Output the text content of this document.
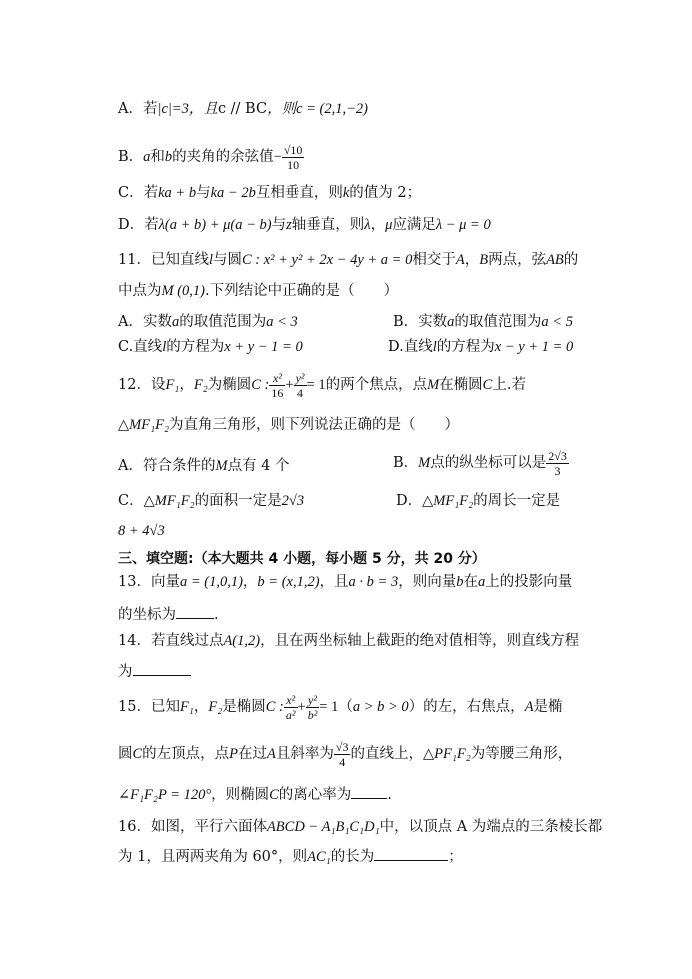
A．若|c|=3，且c // BC，则c = (2,1,−2)
B．a和b的夹角的余弦值− $\frac{√10}{10}$
C．若ka + b与ka − 2b互相垂直，则k的值为 2；
D．若λ(a + b) + μ(a − b)与z轴垂直，则λ，μ应满足λ − μ = 0
11．已知直线l与圆C : x² + y² + 2x − 4y + a = 0相交于A，B两点，弦AB的
中点为M (0,1).下列结论中正确的是（　　）
A．实数a的取值范围为a < 3	B．实数a的取值范围为a < 5
C.直线l的方程为x + y − 1 = 0	D.直线l的方程为x − y + 1 = 0
12．设F₁，F₂为椭圆C : $\frac{\text{x²}}{16} + \frac{\text{y²}}{4} = 1$的两个焦点，点M在椭圆C上.若
△MF₁F₂为直角三角形，则下列说法正确的是（　　）
A．符合条件的M点有 4 个	B．M点的纵坐标可以是 $\frac{2√3}{3}$
C．△MF₁F₂的面积一定是2√3	D．△MF₁F₂的周长一定是
8 + 4√3
三、填空题:（本大题共 4 小题，每小题 5 分，共 20 分）
13．向量a = (1,0,1)，b = (x,1,2)，且a · b = 3，则向量b在a上的投影向量
的坐标为	.
14．若直线过点A(1,2)，且在两坐标轴上截距的绝对值相等，则直线方程
为
15．已知F₁，F₂是椭圆C : $\frac{\text{x²}}{\text{a²}} + \frac{\text{y²}}{\text{b²}} = 1(a > b > 0)$的左，右焦点，A是椭
圆C的左顶点，点P在过A且斜率为 $\frac{√3}{4}$ 的直线上，△PF₁F₂为等腰三角形，
∠F₁F₂P = 120°，则椭圆C的离心率为 .
16．如图，平行六面体ABCD − A₁B₁C₁D₁中，以顶点 A 为端点的三条棱长都
为 1，且两两夹角为 60°，则AC₁的长为	；
